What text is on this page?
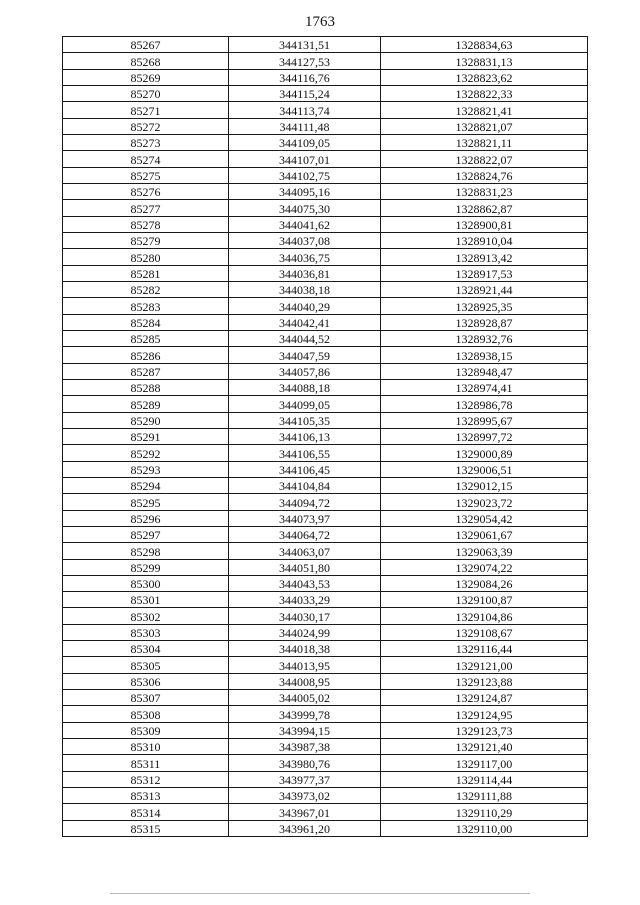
1763
85267	344131,51	1328834,63
85268	344127,53	1328831,13
85269	344116,76	1328823,62
85270	344115,24	1328822,33
85271	344113,74	1328821,41
85272	344111,48	1328821,07
85273	344109,05	1328821,11
85274	344107,01	1328822,07
85275	344102,75	1328824,76
85276	344095,16	1328831,23
85277	344075,30	1328862,87
85278	344041,62	1328900,81
85279	344037,08	1328910,04
85280	344036,75	1328913,42
85281	344036,81	1328917,53
85282	344038,18	1328921,44
85283	344040,29	1328925,35
85284	344042,41	1328928,87
85285	344044,52	1328932,76
85286	344047,59	1328938,15
85287	344057,86	1328948,47
85288	344088,18	1328974,41
85289	344099,05	1328986,78
85290	344105,35	1328995,67
85291	344106,13	1328997,72
85292	344106,55	1329000,89
85293	344106,45	1329006,51
85294	344104,84	1329012,15
85295	344094,72	1329023,72
85296	344073,97	1329054,42
85297	344064,72	1329061,67
85298	344063,07	1329063,39
85299	344051,80	1329074,22
85300	344043,53	1329084,26
85301	344033,29	1329100,87
85302	344030,17	1329104,86
85303	344024,99	1329108,67
85304	344018,38	1329116,44
85305	344013,95	1329121,00
85306	344008,95	1329123,88
85307	344005,02	1329124,87
85308	343999,78	1329124,95
85309	343994,15	1329123,73
85310	343987,38	1329121,40
85311	343980,76	1329117,00
85312	343977,37	1329114,44
85313	343973,02	1329111,88
85314	343967,01	1329110,29
85315	343961,20	1329110,00
